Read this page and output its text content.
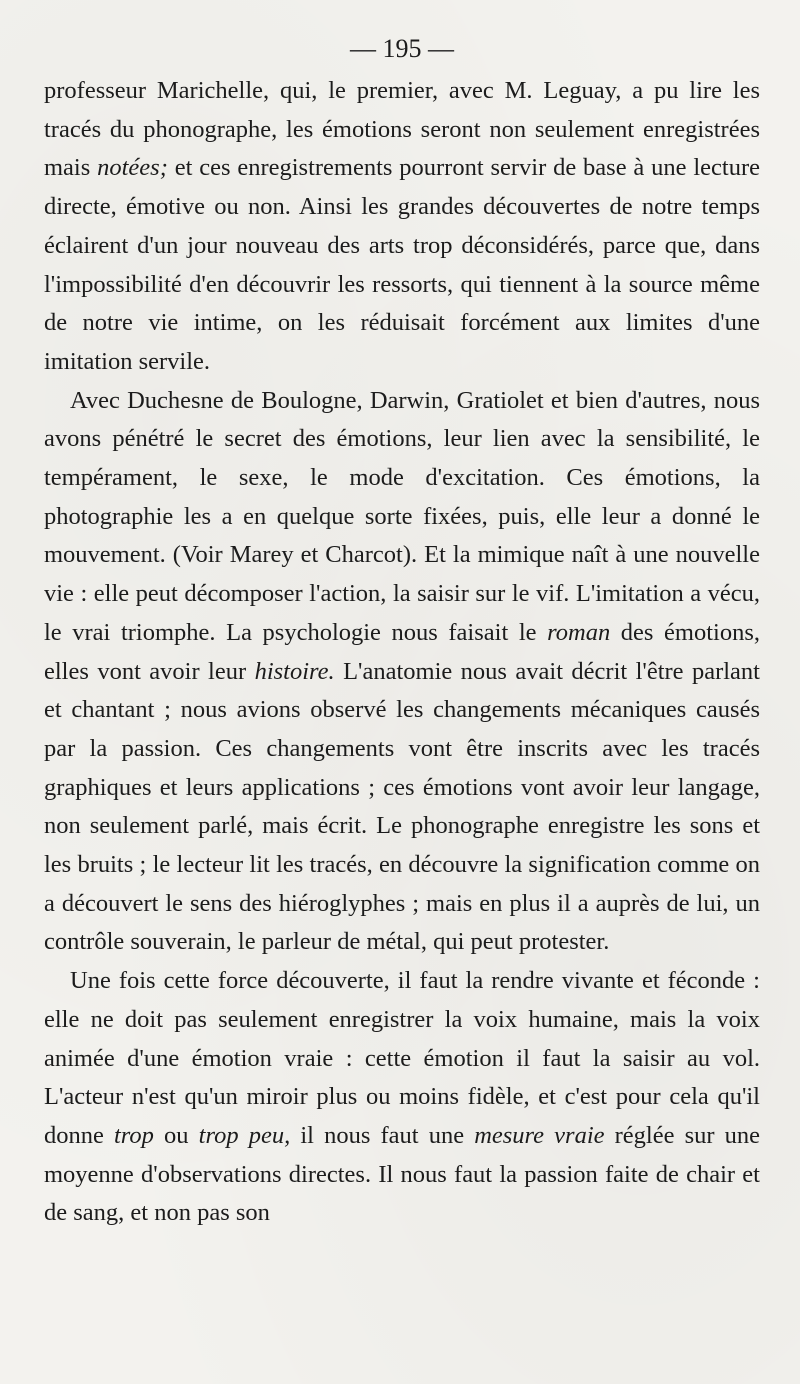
— 195 —

professeur Marichelle, qui, le premier, avec M. Leguay, a pu lire les tracés du phonographe, les émotions seront non seulement enregistrées mais notées; et ces enregistrements pourront servir de base à une lecture directe, émotive ou non. Ainsi les grandes découvertes de notre temps éclairent d'un jour nouveau des arts trop déconsidérés, parce que, dans l'impossibilité d'en découvrir les ressorts, qui tiennent à la source même de notre vie intime, on les réduisait forcément aux limites d'une imitation servile.

Avec Duchesne de Boulogne, Darwin, Gratiolet et bien d'autres, nous avons pénétré le secret des émotions, leur lien avec la sensibilité, le tempérament, le sexe, le mode d'excitation. Ces émotions, la photographie les a en quelque sorte fixées, puis, elle leur a donné le mouvement. (Voir Marey et Charcot). Et la mimique naît à une nouvelle vie : elle peut décomposer l'action, la saisir sur le vif. L'imitation a vécu, le vrai triomphe. La psychologie nous faisait le roman des émotions, elles vont avoir leur histoire. L'anatomie nous avait décrit l'être parlant et chantant ; nous avions observé les changements mécaniques causés par la passion. Ces changements vont être inscrits avec les tracés graphiques et leurs applications ; ces émotions vont avoir leur langage, non seulement parlé, mais écrit. Le phonographe enregistre les sons et les bruits ; le lecteur lit les tracés, en découvre la signification comme on a découvert le sens des hiéroglyphes ; mais en plus il a auprès de lui, un contrôle souverain, le parleur de métal, qui peut protester.

Une fois cette force découverte, il faut la rendre vivante et féconde : elle ne doit pas seulement enregistrer la voix humaine, mais la voix animée d'une émotion vraie : cette émotion il faut la saisir au vol. L'acteur n'est qu'un miroir plus ou moins fidèle, et c'est pour cela qu'il donne trop ou trop peu, il nous faut une mesure vraie réglée sur une moyenne d'observations directes. Il nous faut la passion faite de chair et de sang, et non pas son
